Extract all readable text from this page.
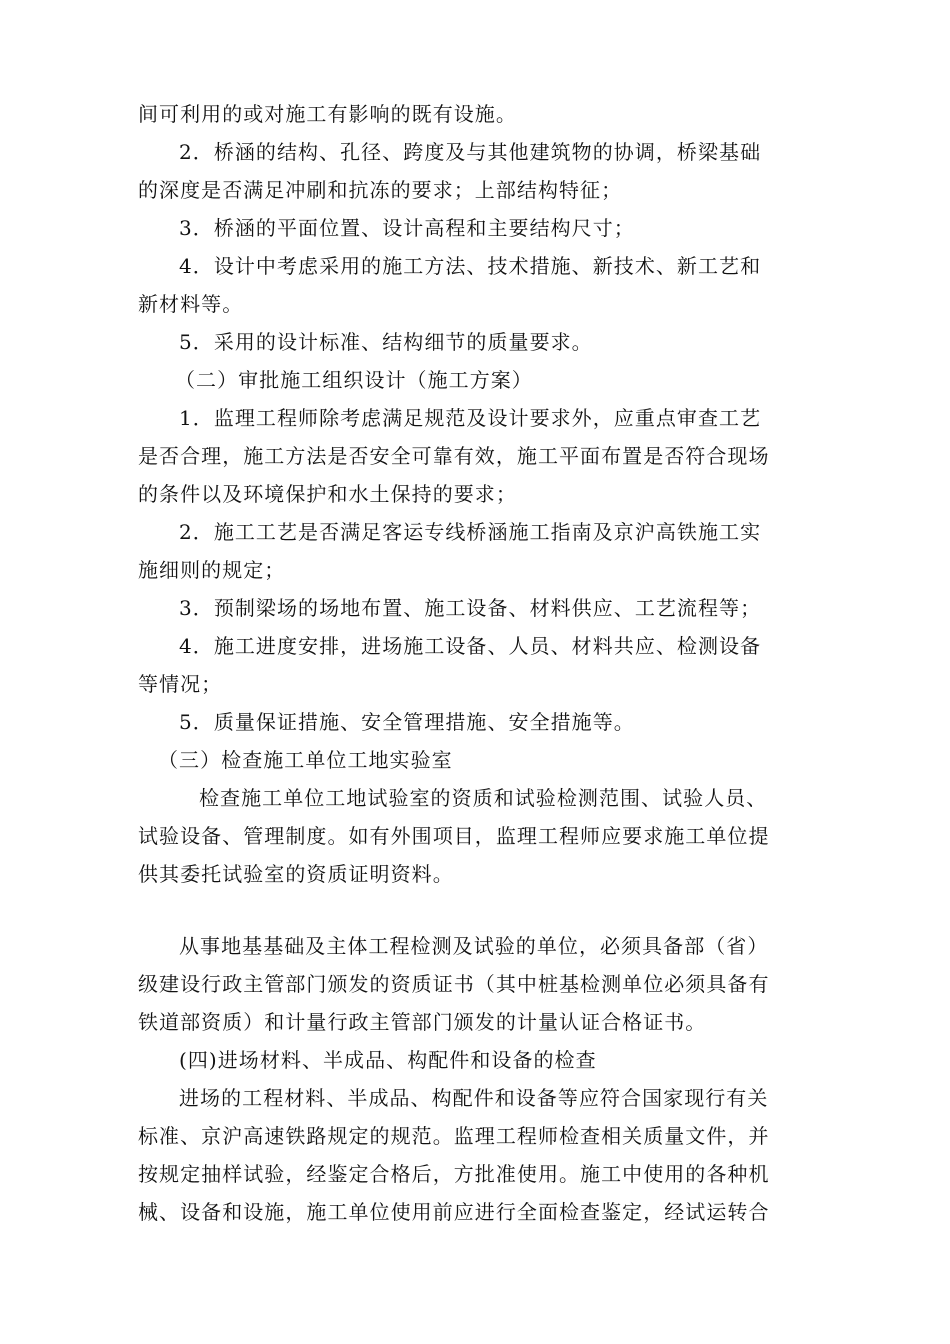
间可利用的或对施工有影响的既有设施。
2．桥涵的结构、孔径、跨度及与其他建筑物的协调，桥梁基础
的深度是否满足冲刷和抗冻的要求；上部结构特征；
3．桥涵的平面位置、设计高程和主要结构尺寸；
4．设计中考虑采用的施工方法、技术措施、新技术、新工艺和
新材料等。
5．采用的设计标准、结构细节的质量要求。
（二）审批施工组织设计（施工方案）
1．监理工程师除考虑满足规范及设计要求外，应重点审查工艺
是否合理，施工方法是否安全可靠有效，施工平面布置是否符合现场
的条件以及环境保护和水土保持的要求；
2．施工工艺是否满足客运专线桥涵施工指南及京沪高铁施工实
施细则的规定；
3．预制梁场的场地布置、施工设备、材料供应、工艺流程等；
4．施工进度安排，进场施工设备、人员、材料共应、检测设备
等情况；
5．质量保证措施、安全管理措施、安全措施等。
（三）检查施工单位工地实验室
检查施工单位工地试验室的资质和试验检测范围、试验人员、
试验设备、管理制度。如有外围项目，监理工程师应要求施工单位提
供其委托试验室的资质证明资料。
从事地基基础及主体工程检测及试验的单位，必须具备部（省）
级建设行政主管部门颁发的资质证书（其中桩基检测单位必须具备有
铁道部资质）和计量行政主管部门颁发的计量认证合格证书。
(四)进场材料、半成品、构配件和设备的检查
进场的工程材料、半成品、构配件和设备等应符合国家现行有关
标准、京沪高速铁路规定的规范。监理工程师检查相关质量文件，并
按规定抽样试验，经鉴定合格后，方批准使用。施工中使用的各种机
械、设备和设施，施工单位使用前应进行全面检查鉴定，经试运转合
